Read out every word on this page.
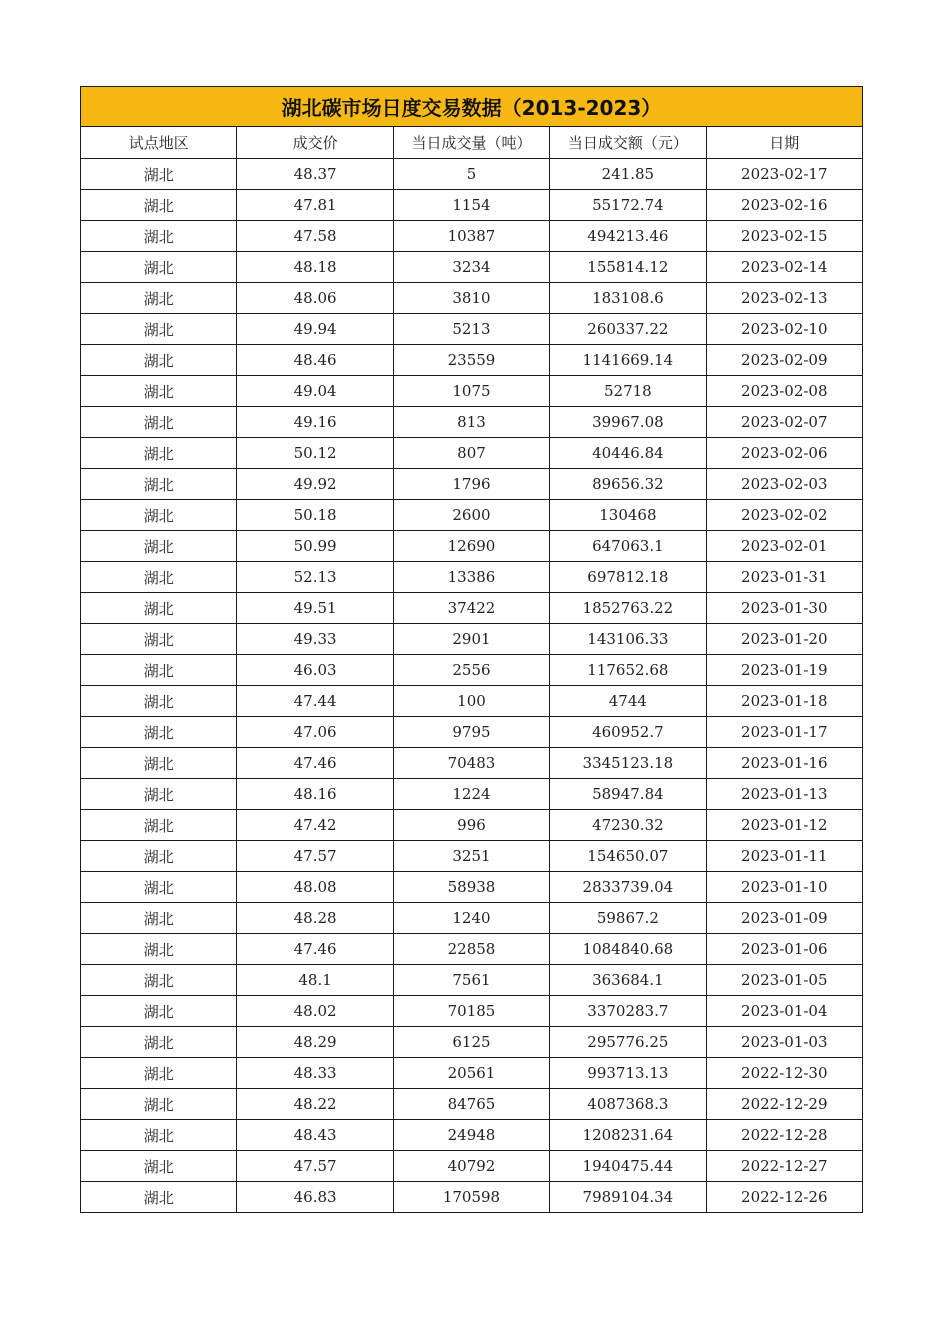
湖北碳市场日度交易数据（2013-2023）
试点地区	成交价	当日成交量（吨）	当日成交额（元）	日期
湖北	48.37	5	241.85	2023-02-17
湖北	47.81	1154	55172.74	2023-02-16
湖北	47.58	10387	494213.46	2023-02-15
湖北	48.18	3234	155814.12	2023-02-14
湖北	48.06	3810	183108.6	2023-02-13
湖北	49.94	5213	260337.22	2023-02-10
湖北	48.46	23559	1141669.14	2023-02-09
湖北	49.04	1075	52718	2023-02-08
湖北	49.16	813	39967.08	2023-02-07
湖北	50.12	807	40446.84	2023-02-06
湖北	49.92	1796	89656.32	2023-02-03
湖北	50.18	2600	130468	2023-02-02
湖北	50.99	12690	647063.1	2023-02-01
湖北	52.13	13386	697812.18	2023-01-31
湖北	49.51	37422	1852763.22	2023-01-30
湖北	49.33	2901	143106.33	2023-01-20
湖北	46.03	2556	117652.68	2023-01-19
湖北	47.44	100	4744	2023-01-18
湖北	47.06	9795	460952.7	2023-01-17
湖北	47.46	70483	3345123.18	2023-01-16
湖北	48.16	1224	58947.84	2023-01-13
湖北	47.42	996	47230.32	2023-01-12
湖北	47.57	3251	154650.07	2023-01-11
湖北	48.08	58938	2833739.04	2023-01-10
湖北	48.28	1240	59867.2	2023-01-09
湖北	47.46	22858	1084840.68	2023-01-06
湖北	48.1	7561	363684.1	2023-01-05
湖北	48.02	70185	3370283.7	2023-01-04
湖北	48.29	6125	295776.25	2023-01-03
湖北	48.33	20561	993713.13	2022-12-30
湖北	48.22	84765	4087368.3	2022-12-29
湖北	48.43	24948	1208231.64	2022-12-28
湖北	47.57	40792	1940475.44	2022-12-27
湖北	46.83	170598	7989104.34	2022-12-26
